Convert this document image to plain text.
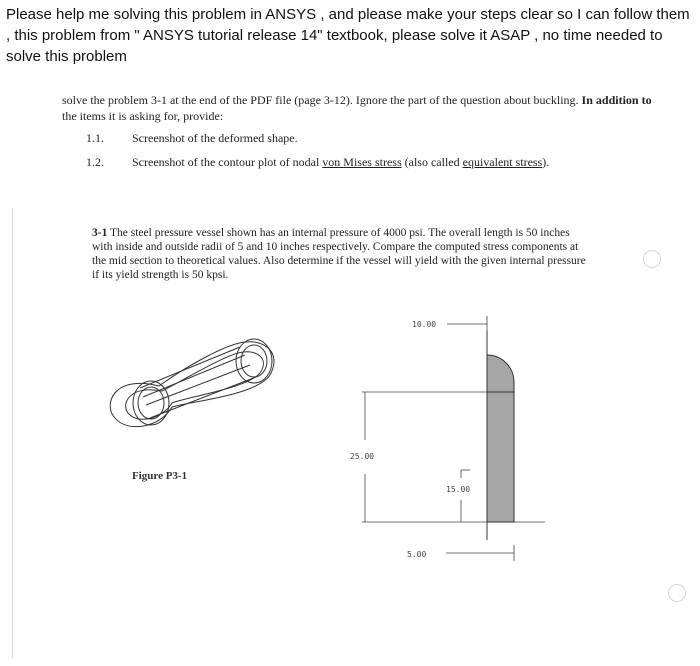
Please help me solving this problem in ANSYS , and please make your steps clear so I can follow them , this problem from " ANSYS tutorial release 14" textbook, please solve it ASAP , no time needed to solve this problem

solve the problem 3-1 at the end of the PDF file (page 3-12). Ignore the part of the question about buckling. In addition to the items it is asking for, provide:

1.1. Screenshot of the deformed shape.
1.2. Screenshot of the contour plot of nodal von Mises stress (also called equivalent stress).

3-1 The steel pressure vessel shown has an internal pressure of 4000 psi. The overall length is 50 inches with inside and outside radii of 5 and 10 inches respectively. Compare the computed stress components at the mid section to theoretical values. Also determine if the vessel will yield with the given internal pressure if its yield strength is 50 kpsi.

10.00
25.00
15.00
5.00
Figure P3-1
